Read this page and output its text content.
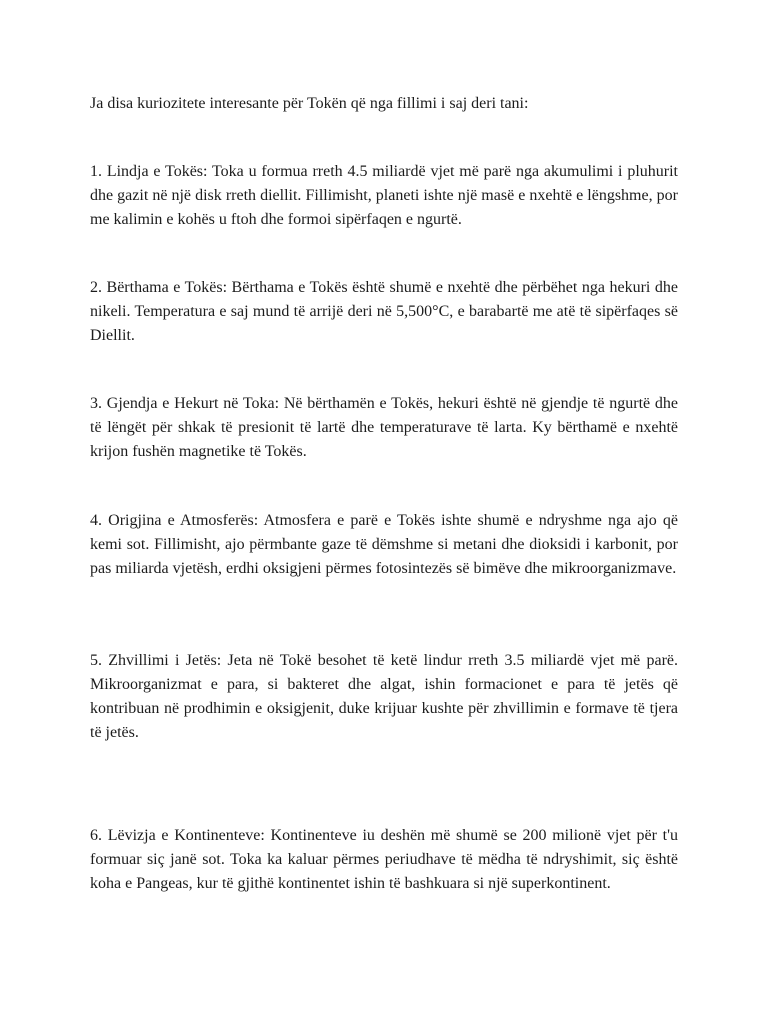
Ja disa kuriozitete interesante për Tokën që nga fillimi i saj deri tani:

1. Lindja e Tokës: Toka u formua rreth 4.5 miliardë vjet më parë nga akumulimi i pluhurit dhe gazit në një disk rreth diellit. Fillimisht, planeti ishte një masë e nxehtë e lëngshme, por me kalimin e kohës u ftoh dhe formoi sipërfaqen e ngurtë.

2. Bërthama e Tokës: Bërthama e Tokës është shumë e nxehtë dhe përbëhet nga hekuri dhe nikeli. Temperatura e saj mund të arrijë deri në 5,500°C, e barabartë me atë të sipërfaqes së Diellit.

3. Gjendja e Hekurt në Toka: Në bërthamën e Tokës, hekuri është në gjendje të ngurtë dhe të lëngët për shkak të presionit të lartë dhe temperaturave të larta. Ky bërthamë e nxehtë krijon fushën magnetike të Tokës.

4. Origjina e Atmosferës: Atmosfera e parë e Tokës ishte shumë e ndryshme nga ajo që kemi sot. Fillimisht, ajo përmbante gaze të dëmshme si metani dhe dioksidi i karbonit, por pas miliarda vjetësh, erdhi oksigjeni përmes fotosintezës së bimëve dhe mikroorganizmave.

5. Zhvillimi i Jetës: Jeta në Tokë besohet të ketë lindur rreth 3.5 miliardë vjet më parë. Mikroorganizmat e para, si bakteret dhe algat, ishin formacionet e para të jetës që kontribuan në prodhimin e oksigjenit, duke krijuar kushte për zhvillimin e formave të tjera të jetës.

6. Lëvizja e Kontinenteve: Kontinenteve iu deshën më shumë se 200 milionë vjet për t'u formuar siç janë sot. Toka ka kaluar përmes periudhave të mëdha të ndryshimit, siç është koha e Pangeas, kur të gjithë kontinentet ishin të bashkuara si një superkontinent.
